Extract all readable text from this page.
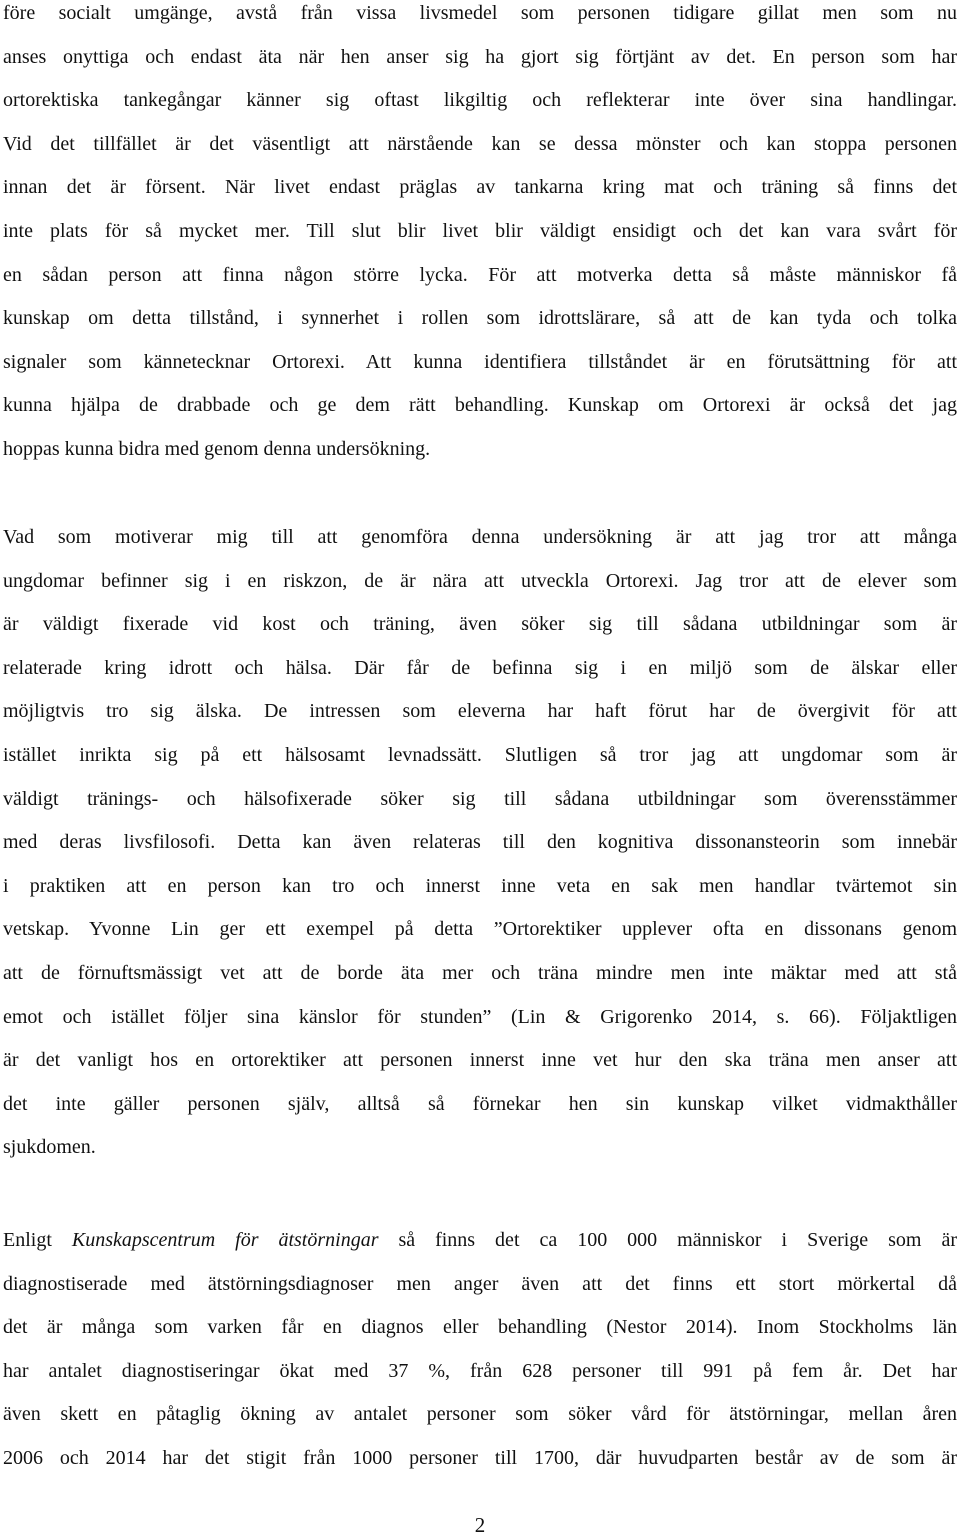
före socialt umgänge, avstå från vissa livsmedel som personen tidigare gillat men som nu
anses onyttiga och endast äta när hen anser sig ha gjort sig förtjänt av det. En person som har
ortorektiska tankegångar känner sig oftast likgiltig och reflekterar inte över sina handlingar.
Vid det tillfället är det väsentligt att närstående kan se dessa mönster och kan stoppa personen
innan det är försent. När livet endast präglas av tankarna kring mat och träning så finns det
inte plats för så mycket mer. Till slut blir livet blir väldigt ensidigt och det kan vara svårt för
en sådan person att finna någon större lycka. För att motverka detta så måste människor få
kunskap om detta tillstånd, i synnerhet i rollen som idrottslärare, så att de kan tyda och tolka
signaler som kännetecknar Ortorexi. Att kunna identifiera tillståndet är en förutsättning för att
kunna hjälpa de drabbade och ge dem rätt behandling. Kunskap om Ortorexi är också det jag
hoppas kunna bidra med genom denna undersökning.
Vad som motiverar mig till att genomföra denna undersökning är att jag tror att många
ungdomar befinner sig i en riskzon, de är nära att utveckla Ortorexi. Jag tror att de elever som
är väldigt fixerade vid kost och träning, även söker sig till sådana utbildningar som är
relaterade kring idrott och hälsa. Där får de befinna sig i en miljö som de älskar eller
möjligtvis tro sig älska. De intressen som eleverna har haft förut har de övergivit för att
istället inrikta sig på ett hälsosamt levnadssätt. Slutligen så tror jag att ungdomar som är
väldigt tränings- och hälsofixerade söker sig till sådana utbildningar som överensstämmer
med deras livsfilosofi. Detta kan även relateras till den kognitiva dissonansteorin som innebär
i praktiken att en person kan tro och innerst inne veta en sak men handlar tvärtemot sin
vetskap. Yvonne Lin ger ett exempel på detta ”Ortorektiker upplever ofta en dissonans genom
att de förnuftsmässigt vet att de borde äta mer och träna mindre men inte mäktar med att stå
emot och istället följer sina känslor för stunden” (Lin & Grigorenko 2014, s. 66). Följaktligen
är det vanligt hos en ortorektiker att personen innerst inne vet hur den ska träna men anser att
det inte gäller personen själv, alltså så förnekar hen sin kunskap vilket vidmakthåller
sjukdomen.
Enligt Kunskapscentrum för ätstörningar så finns det ca 100 000 människor i Sverige som är
diagnostiserade med ätstörningsdiagnoser men anger även att det finns ett stort mörkertal då
det är många som varken får en diagnos eller behandling (Nestor 2014). Inom Stockholms län
har antalet diagnostiseringar ökat med 37 %, från 628 personer till 991 på fem år. Det har
även skett en påtaglig ökning av antalet personer som söker vård för ätstörningar, mellan åren
2006 och 2014 har det stigit från 1000 personer till 1700, där huvudparten består av de som är
2
